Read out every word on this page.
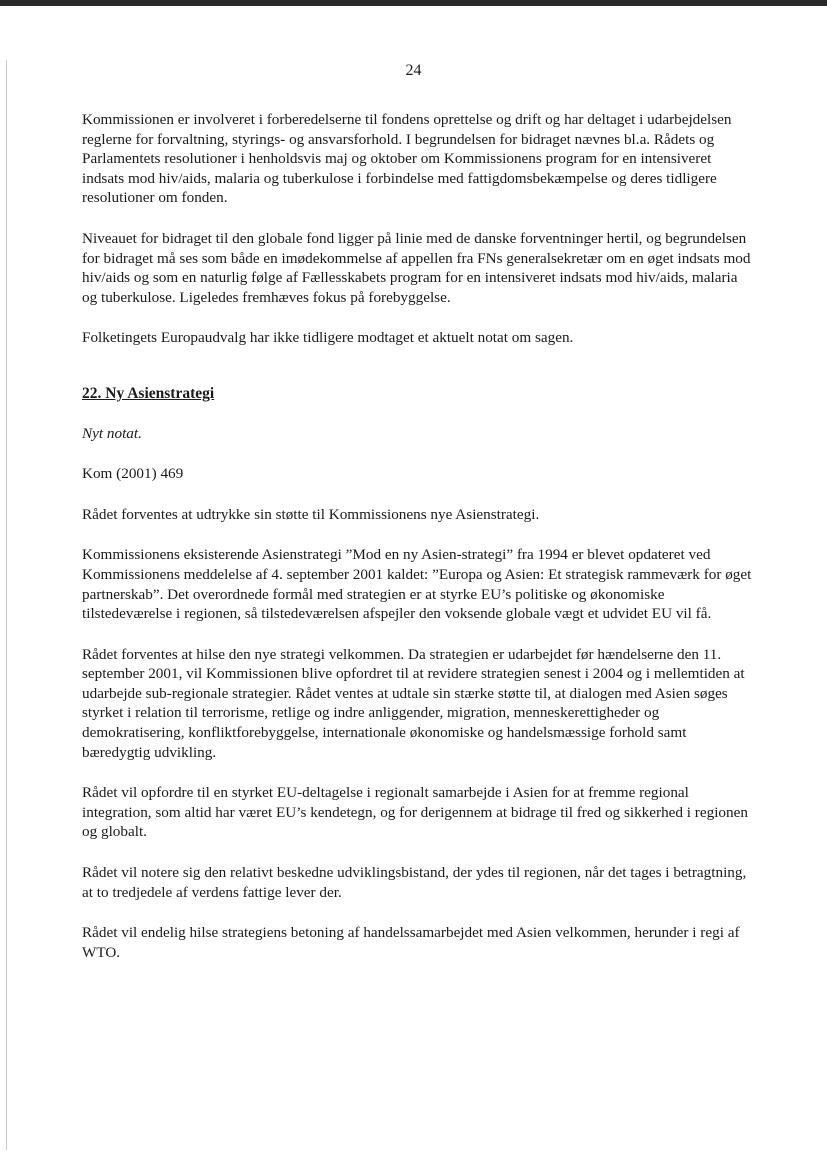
24

Kommissionen er involveret i forberedelserne til fondens oprettelse og drift og har deltaget i udarbejdelsen reglerne for forvaltning, styrings- og ansvarsforhold. I begrundelsen for bidraget nævnes bl.a. Rådets og Parlamentets resolutioner i henholdsvis maj og oktober om Kommissionens program for en intensiveret indsats mod hiv/aids, malaria og tuberkulose i forbindelse med fattigdomsbekæmpelse og deres tidligere resolutioner om fonden.

Niveauet for bidraget til den globale fond ligger på linie med de danske forventninger hertil, og begrundelsen for bidraget må ses som både en imødekommelse af appellen fra FNs generalsekretær om en øget indsats mod hiv/aids og som en naturlig følge af Fællesskabets program for en intensiveret indsats mod hiv/aids, malaria og tuberkulose. Ligeledes fremhæves fokus på forebyggelse.

Folketingets Europaudvalg har ikke tidligere modtaget et aktuelt notat om sagen.

22. Ny Asienstrategi

Nyt notat.

Kom (2001) 469

Rådet forventes at udtrykke sin støtte til Kommissionens nye Asienstrategi.

Kommissionens eksisterende Asienstrategi ”Mod en ny Asien-strategi” fra 1994 er blevet opdateret ved Kommissionens meddelelse af 4. september 2001 kaldet: ”Europa og Asien: Et strategisk rammeværk for øget partnerskab”. Det overordnede formål med strategien er at styrke EU’s politiske og økonomiske tilstedeværelse i regionen, så tilstedeværelsen afspejler den voksende globale vægt et udvidet EU vil få.

Rådet forventes at hilse den nye strategi velkommen. Da strategien er udarbejdet før hændelserne den 11. september 2001, vil Kommissionen blive opfordret til at revidere strategien senest i 2004 og i mellemtiden at udarbejde sub-regionale strategier. Rådet ventes at udtale sin stærke støtte til, at dialogen med Asien søges styrket i relation til terrorisme, retlige og indre anliggender, migration, menneskerettigheder og demokratisering, konfliktforebyggelse, internationale økonomiske og handelsmæssige forhold samt bæredygtig udvikling.

Rådet vil opfordre til en styrket EU-deltagelse i regionalt samarbejde i Asien for at fremme regional integration, som altid har været EU’s kendetegn, og for derigennem at bidrage til fred og sikkerhed i regionen og globalt.

Rådet vil notere sig den relativt beskedne udviklingsbistand, der ydes til regionen, når det tages i betragtning, at to tredjedele af verdens fattige lever der.

Rådet vil endelig hilse strategiens betoning af handelssamarbejdet med Asien velkommen, herunder i regi af WTO.
